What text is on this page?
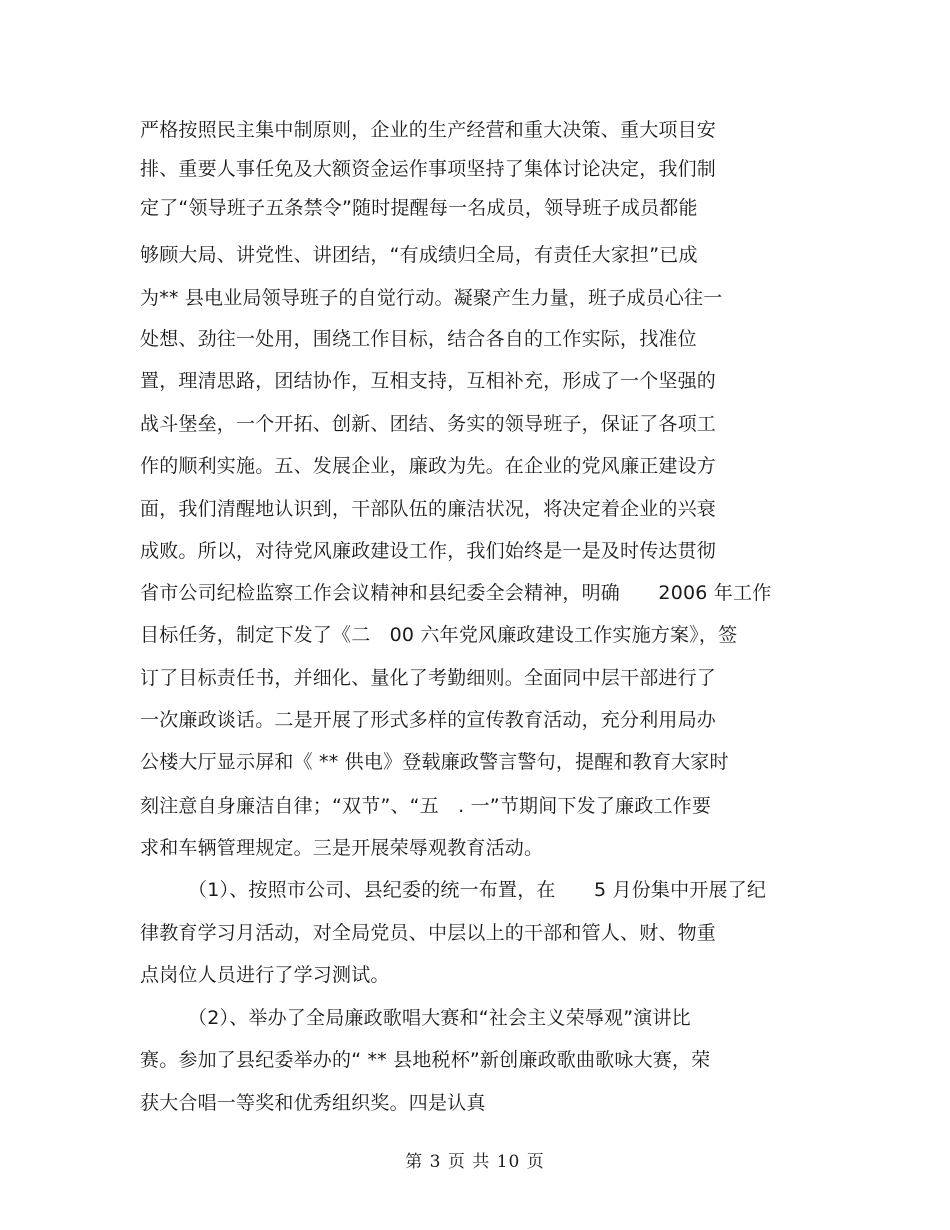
严格按照民主集中制原则，企业的生产经营和重大决策、重大项目安
排、重要人事任免及大额资金运作事项坚持了集体讨论决定，我们制
定了“领导班子五条禁令”随时提醒每一名成员，领导班子成员都能
够顾大局、讲党性、讲团结，“有成绩归全局，有责任大家担”已成
为** 县电业局领导班子的自觉行动。凝聚产生力量，班子成员心往一
处想、劲往一处用，围绕工作目标，结合各自的工作实际，找准位
置，理清思路，团结协作，互相支持，互相补充，形成了一个坚强的
战斗堡垒，一个开拓、创新、团结、务实的领导班子，保证了各项工
作的顺利实施。五、发展企业，廉政为先。在企业的党风廉正建设方
面，我们清醒地认识到，干部队伍的廉洁状况，将决定着企业的兴衰
成败。所以，对待党风廉政建设工作，我们始终是一是及时传达贯彻
省市公司纪检监察工作会议精神和县纪委全会精神，明确　　2006 年工作
目标任务，制定下发了《二　00 六年党风廉政建设工作实施方案》，签
订了目标责任书，并细化、量化了考勤细则。全面同中层干部进行了
一次廉政谈话。二是开展了形式多样的宣传教育活动，充分利用局办
公楼大厅显示屏和《 ** 供电》登载廉政警言警句，提醒和教育大家时
刻注意自身廉洁自律；“双节”、“五　. 一”节期间下发了廉政工作要
求和车辆管理规定。三是开展荣辱观教育活动。
（1）、按照市公司、县纪委的统一布置，在　　5 月份集中开展了纪
律教育学习月活动，对全局党员、中层以上的干部和管人、财、物重
点岗位人员进行了学习测试。
（2）、举办了全局廉政歌唱大赛和“社会主义荣辱观”演讲比
赛。参加了县纪委举办的“ ** 县地税杯”新创廉政歌曲歌咏大赛，荣
获大合唱一等奖和优秀组织奖。四是认真
第 3 页 共 10 页
